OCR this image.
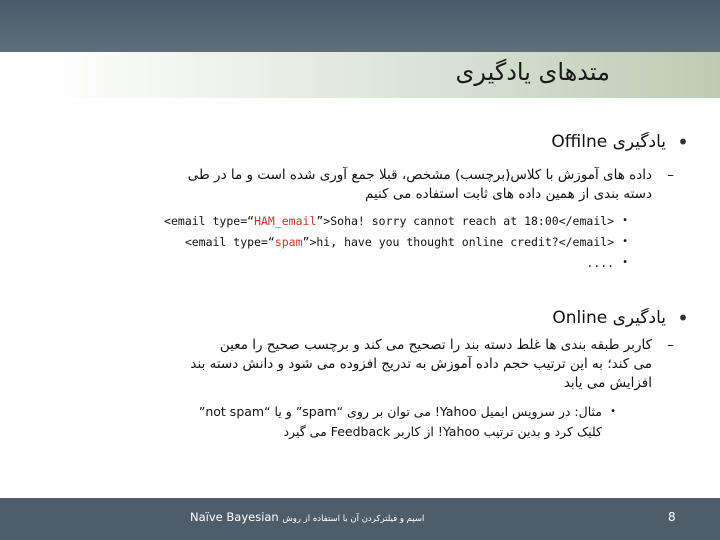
متدهای یادگیری
•
یادگیری Offilne
–
داده های آموزش با کلاس(برچسب) مشخص، قبلا جمع آوری شده است و ما در طی
دسته بندی از همین داده های ثابت استفاده می کنیم
•
<email type=“HAM_email”>Soha! sorry cannot reach at 18:00</email>
•
<email type=“spam”>hi, have you thought online credit?</email>
•
....
•
یادگیری Online
–
کاربر طبقه بندی ها غلط دسته بند را تصحیح می کند و برچسب صحیح را معین
می کند؛ به این ترتیب حجم داده آموزش به تدریج افزوده می شود و دانش دسته بند
افزایش می یابد
•
مثال: در سرویس ایمیل Yahoo! می توان بر روی “spam” و یا “not spam”
کلیک کرد و بدین ترتیب Yahoo! از کاربر Feedback می گیرد
Naïve Bayesian اسپم و فیلترکردن آن با استفاده از روش	8
